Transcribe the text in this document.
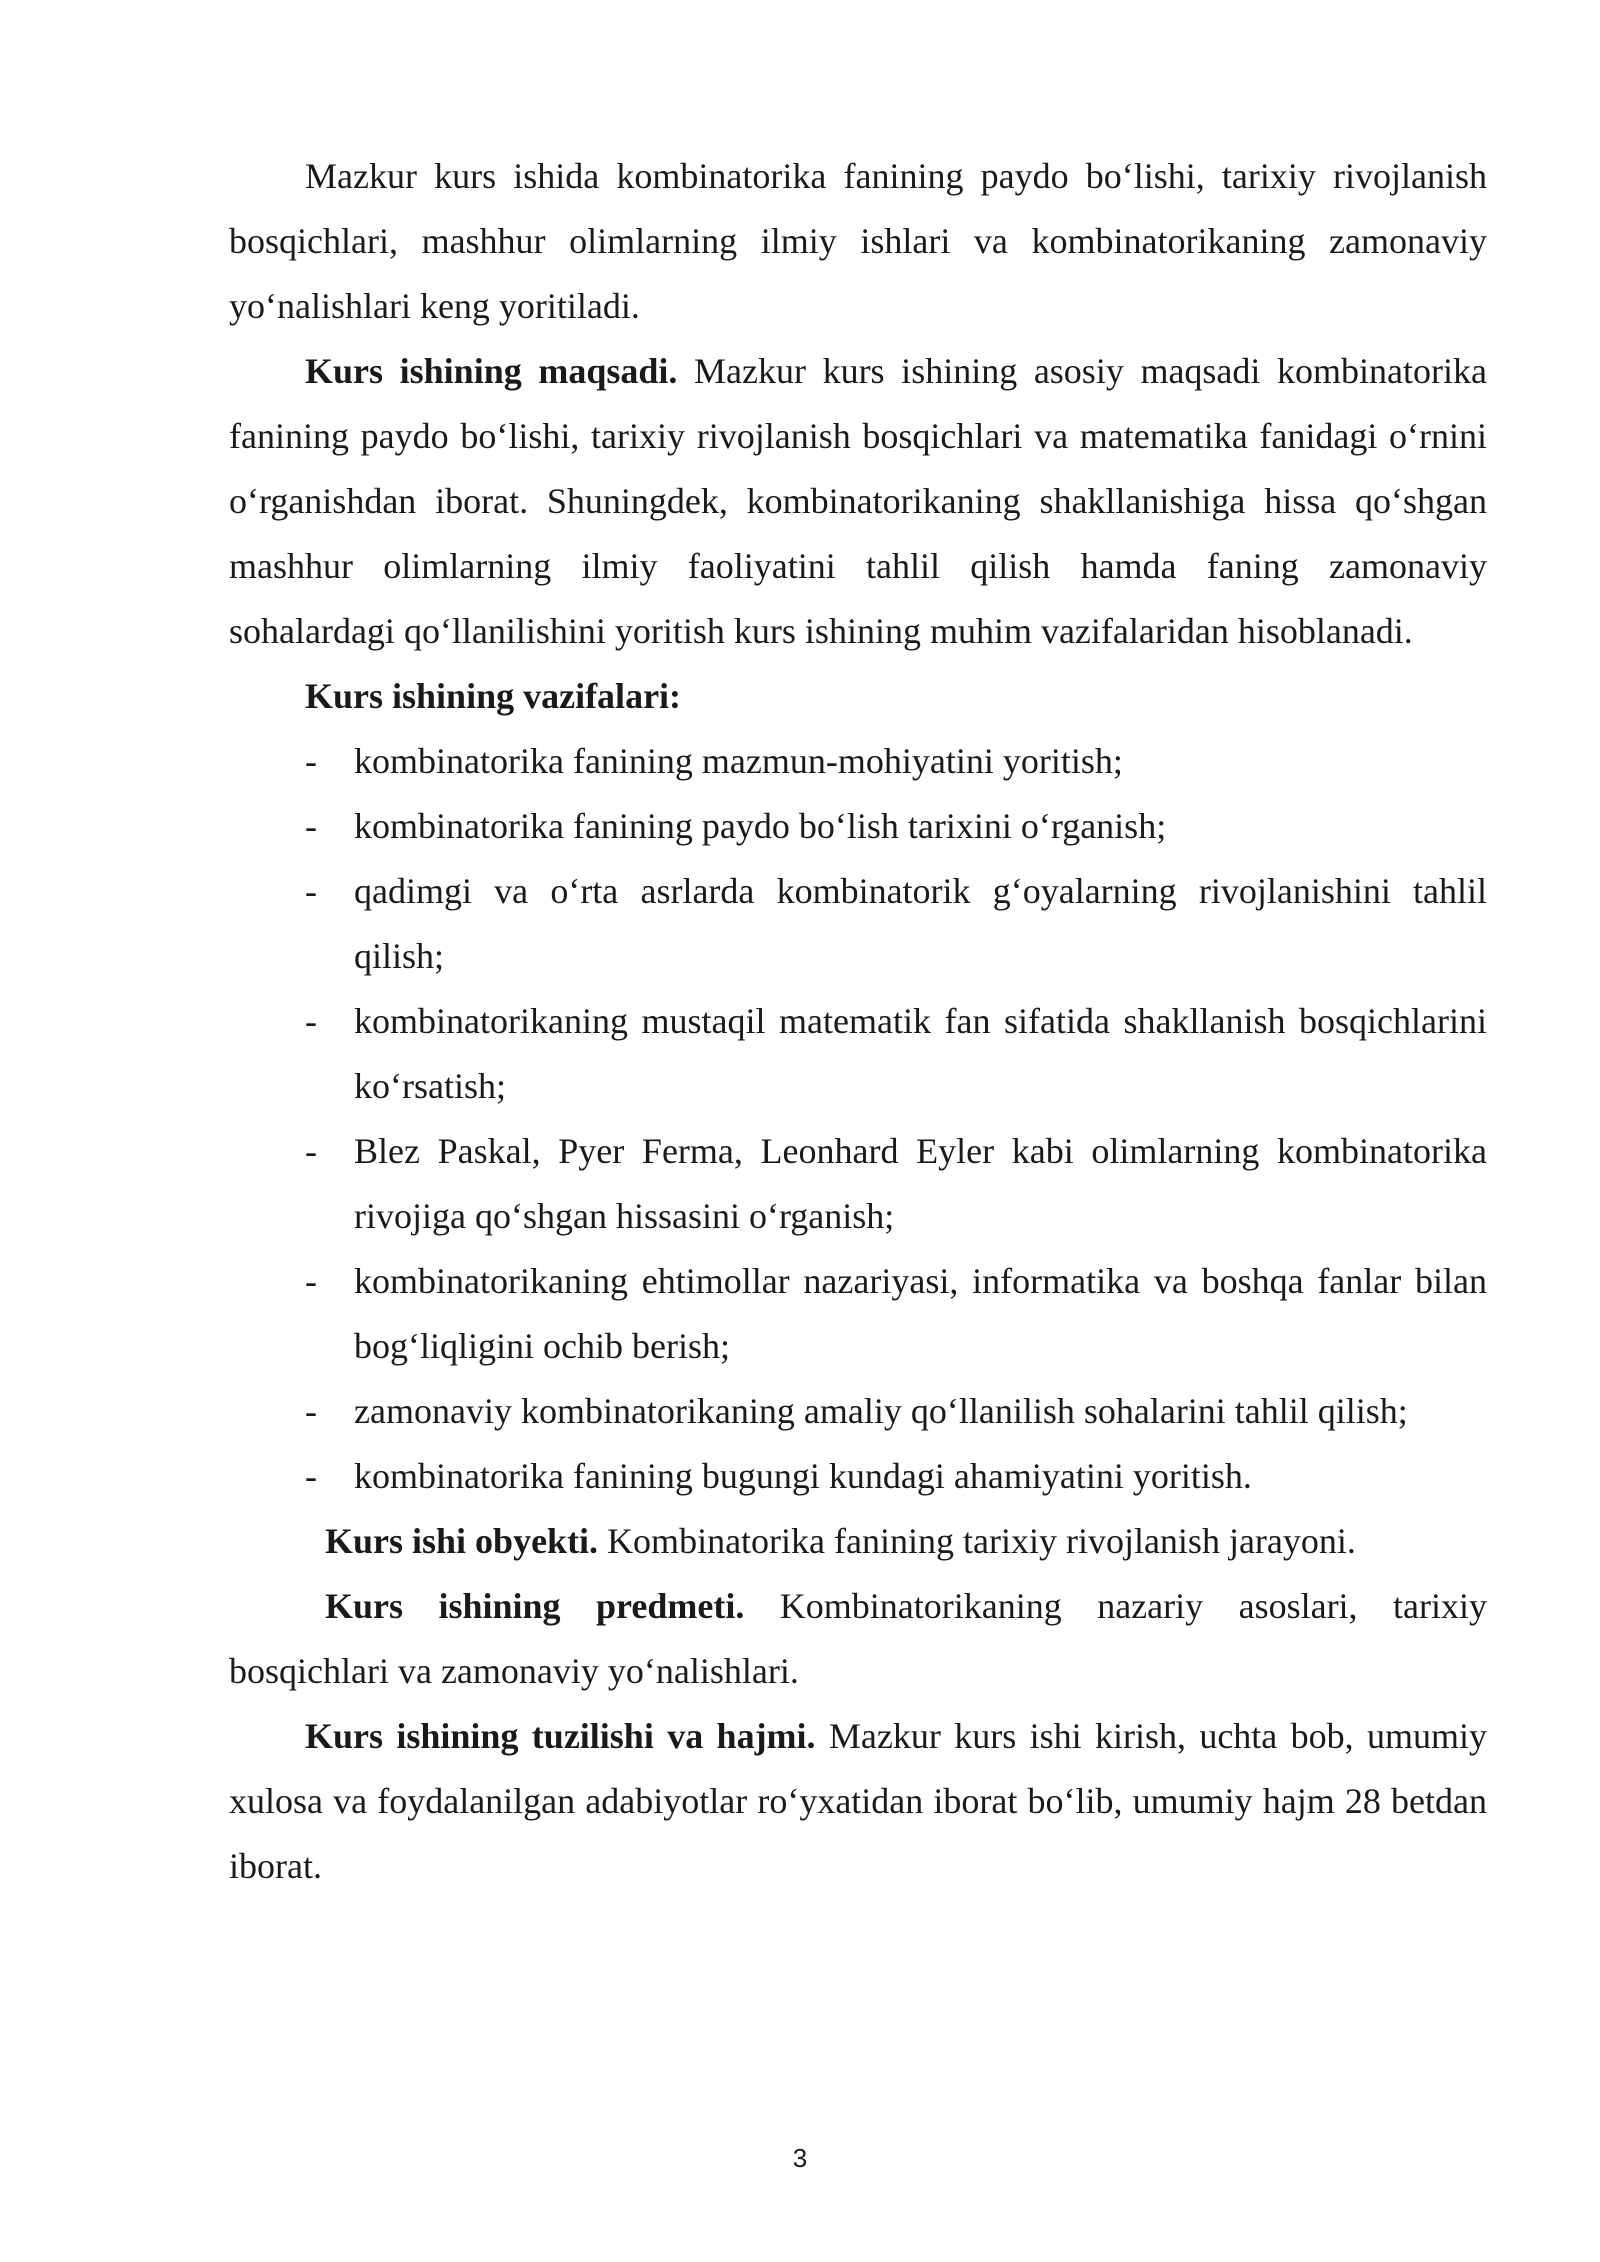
Mazkur kurs ishida kombinatorika fanining paydo bo‘lishi, tarixiy rivojlanish bosqichlari, mashhur olimlarning ilmiy ishlari va kombinatorikaning zamonaviy yo‘nalishlari keng yoritiladi.

Kurs ishining maqsadi. Mazkur kurs ishining asosiy maqsadi kombinatorika fanining paydo bo‘lishi, tarixiy rivojlanish bosqichlari va matematika fanidagi o‘rnini o‘rganishdan iborat. Shuningdek, kombinatorikaning shakllanishiga hissa qo‘shgan mashhur olimlarning ilmiy faoliyatini tahlil qilish hamda faning zamonaviy sohalardagi qo‘llanilishini yoritish kurs ishining muhim vazifalaridan hisoblanadi.

Kurs ishining vazifalari:

- kombinatorika fanining mazmun-mohiyatini yoritish;
- kombinatorika fanining paydo bo‘lish tarixini o‘rganish;
- qadimgi va o‘rta asrlarda kombinatorik g‘oyalarning rivojlanishini tahlil qilish;
- kombinatorikaning mustaqil matematik fan sifatida shakllanish bosqichlarini ko‘rsatish;
- Blez Paskal, Pyer Ferma, Leonhard Eyler kabi olimlarning kombinatorika rivojiga qo‘shgan hissasini o‘rganish;
- kombinatorikaning ehtimollar nazariyasi, informatika va boshqa fanlar bilan bog‘liqligini ochib berish;
- zamonaviy kombinatorikaning amaliy qo‘llanilish sohalarini tahlil qilish;
- kombinatorika fanining bugungi kundagi ahamiyatini yoritish.

Kurs ishi obyekti. Kombinatorika fanining tarixiy rivojlanish jarayoni.

Kurs ishining predmeti. Kombinatorikaning nazariy asoslari, tarixiy bosqichlari va zamonaviy yo‘nalishlari.

Kurs ishining tuzilishi va hajmi. Mazkur kurs ishi kirish, uchta bob, umumiy xulosa va foydalanilgan adabiyotlar ro‘yxatidan iborat bo‘lib, umumiy hajm 28 betdan iborat.

3
